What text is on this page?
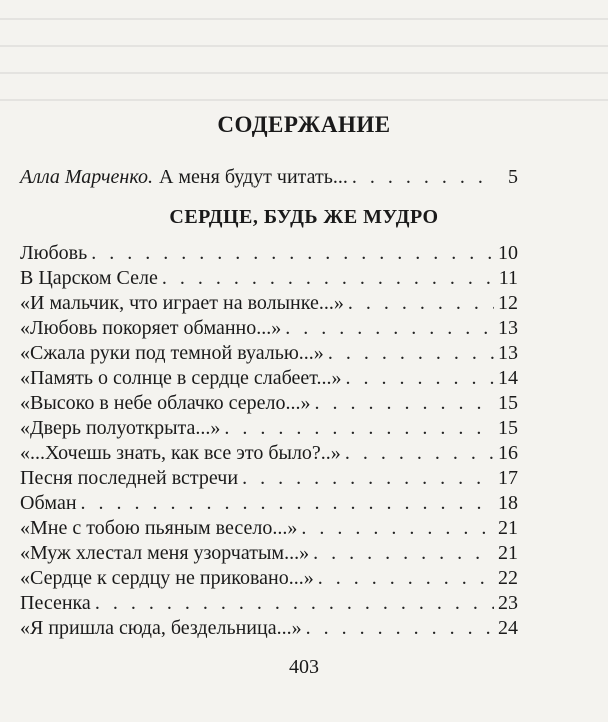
СОДЕРЖАНИЕ
Алла Марченко. А меня будут читать... . . .	5
СЕРДЦЕ, БУДЬ ЖЕ МУДРО
Любовь . . .	10
В Царском Селе . . .	11
«И мальчик, что играет на волынке...» . . .	12
«Любовь покоряет обманно...» . . .	13
«Сжала руки под темной вуалью...» . . .	13
«Память о солнце в сердце слабеет...» . . .	14
«Высоко в небе облачко серело...» . . .	15
«Дверь полуоткрыта...» . . .	15
«...Хочешь знать, как все это было?..» . . .	16
Песня последней встречи . . .	17
Обман . . .	18
«Мне с тобою пьяным весело...» . . .	21
«Муж хлестал меня узорчатым...» . . .	21
«Сердце к сердцу не приковано...» . . .	22
Песенка . . .	23
«Я пришла сюда, бездельница...» . . .	24
403
